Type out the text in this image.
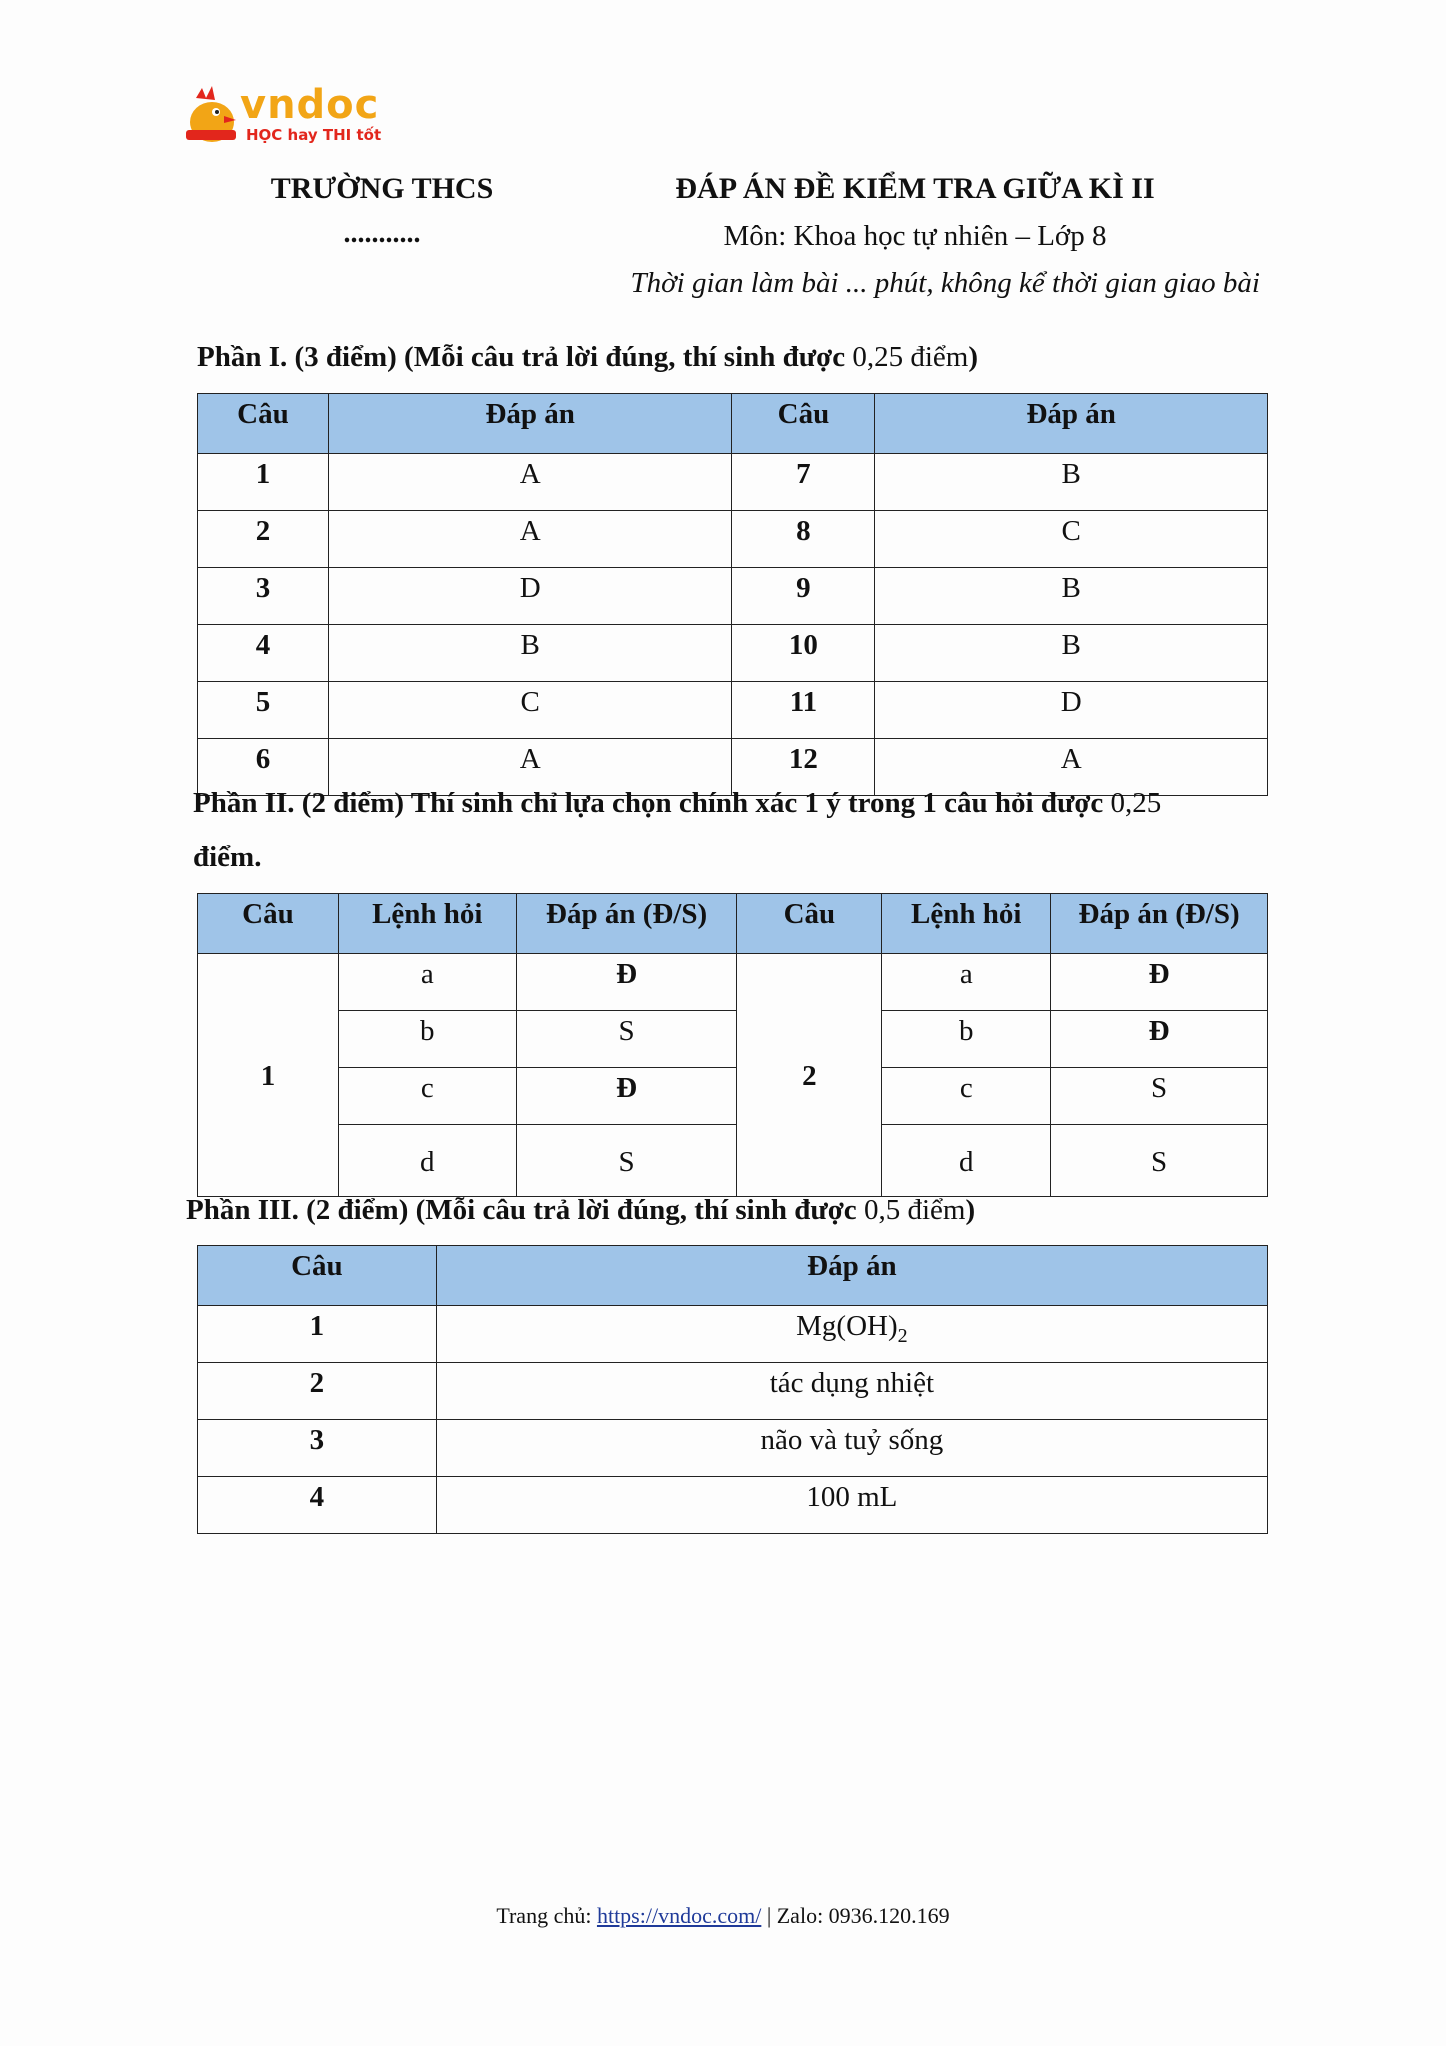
vndoc
HỌC hay THI tốt
TRƯỜNG THCS
...........
ĐÁP ÁN ĐỀ KIỂM TRA GIỮA KÌ II
Môn: Khoa học tự nhiên – Lớp 8
Thời gian làm bài ... phút, không kể thời gian giao bài
Phần I. (3 điểm) (Mỗi câu trả lời đúng, thí sinh được 0,25 điểm)
Câu	Đáp án	Câu	Đáp án
1	A	7	B
2	A	8	C
3	D	9	B
4	B	10	B
5	C	11	D
6	A	12	A
Phần II. (2 điểm) Thí sinh chỉ lựa chọn chính xác 1 ý trong 1 câu hỏi được 0,25
điểm.
Câu	Lệnh hỏi	Đáp án (Đ/S)	Câu	Lệnh hỏi	Đáp án (Đ/S)
1	a	Đ	2	a	Đ
	b	S		b	Đ
	c	Đ		c	S
	d	S		d	S
Phần III. (2 điểm) (Mỗi câu trả lời đúng, thí sinh được 0,5 điểm)
Câu	Đáp án
1	$Mg(OH)_2$
2	tác dụng nhiệt
3	não và tuỷ sống
4	100 mL
Trang chủ: https://vndoc.com/ | Zalo: 0936.120.169
